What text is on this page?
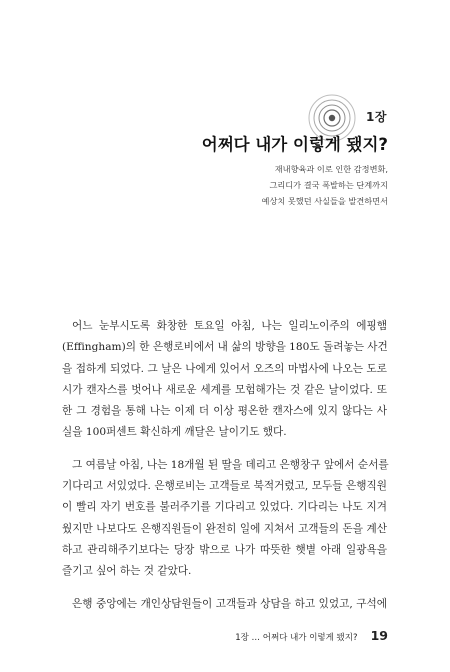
1장
어쩌다 내가 이렇게 됐지?
재내향육과 이로 인한 감정변화,
그리디가 결국 폭발하는 단계까지
예상치 못했던 사실들을 발견하면서
어느 눈부시도록 화창한 토요일 아침, 나는 일리노이주의 에핑햄
(Effingham)의 한 은행로비에서 내 삶의 방향을 180도 돌려놓는 사건
을 접하게 되었다. 그 날은 나에게 있어서 오즈의 마법사에 나오는 도로
시가 캔자스를 벗어나 새로운 세계를 모험해가는 것 같은 날이었다. 또
한 그 경험을 통해 나는 이제 더 이상 평온한 캔자스에 있지 않다는 사
실을 100퍼센트 확신하게 깨달은 날이기도 했다.
그 여름날 아침, 나는 18개월 된 딸을 데리고 은행창구 앞에서 순서를
기다리고 서있었다. 은행로비는 고객들로 북적거렸고, 모두들 은행직원
이 빨리 자기 번호를 불러주기를 기다리고 있었다. 기다리는 나도 지겨
웠지만 나보다도 은행직원들이 완전히 일에 지쳐서 고객들의 돈을 계산
하고 관리해주기보다는 당장 밖으로 나가 따뜻한 햇볕 아래 일광욕을
즐기고 싶어 하는 것 같았다.
은행 중앙에는 개인상담원들이 고객들과 상담을 하고 있었고, 구석에
1장 … 어쩌다 내가 이렇게 됐지? 19
